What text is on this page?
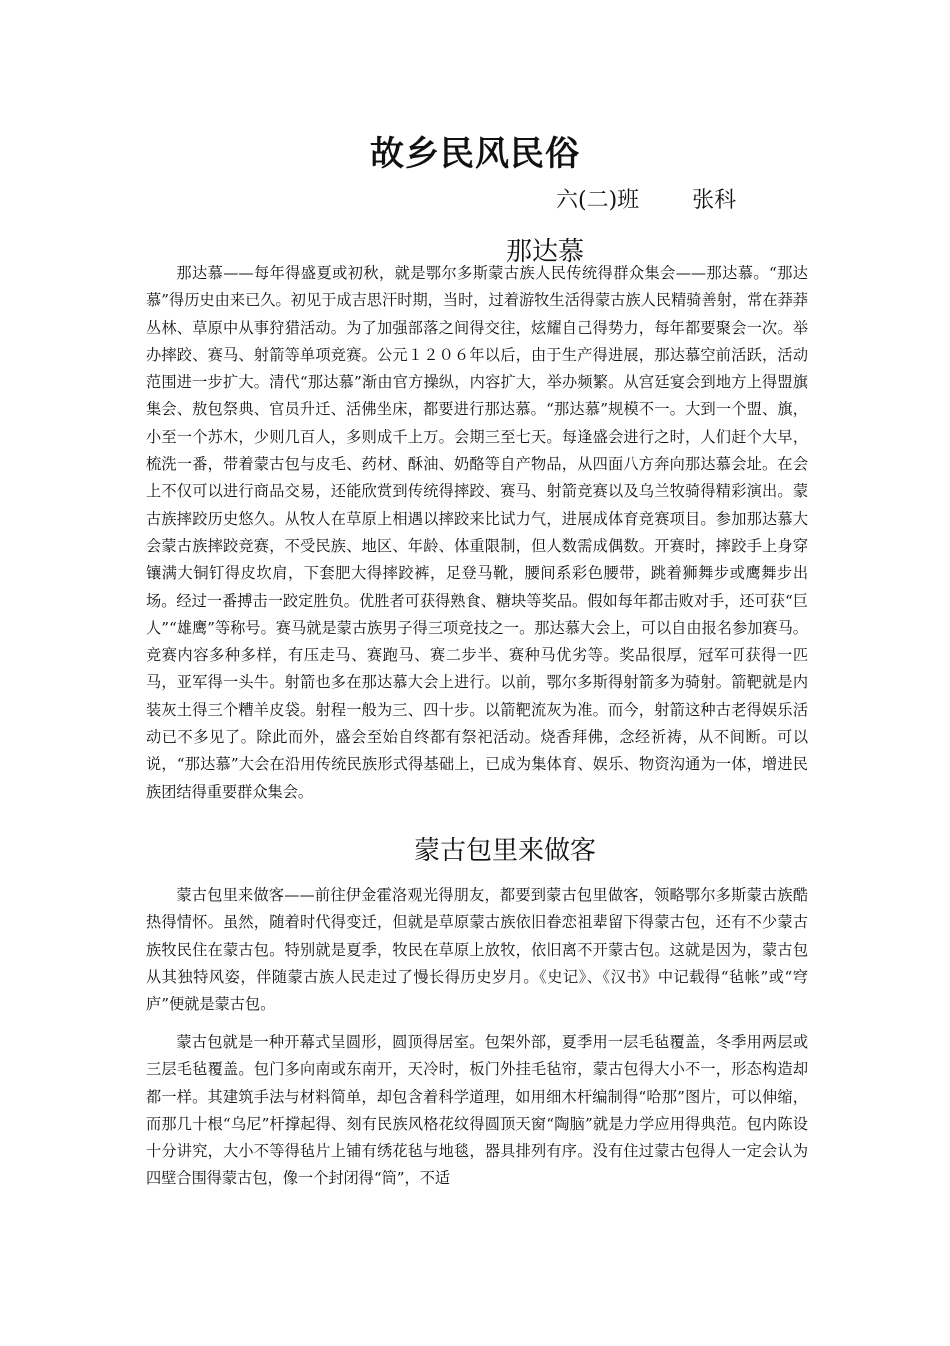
故乡民风民俗
六(二)班 张科
那达慕

那达慕——每年得盛夏或初秋，就是鄂尔多斯蒙古族人民传统得群众集会——那达慕。“那达慕”得历史由来已久。初见于成吉思汗时期，当时，过着游牧生活得蒙古族人民精骑善射，常在莽莽丛林、草原中从事狩猎活动。为了加强部落之间得交往，炫耀自己得势力，每年都要聚会一次。举办摔跤、赛马、射箭等单项竞赛。公元１２０６年以后，由于生产得进展，那达慕空前活跃，活动范围进一步扩大。清代“那达慕”渐由官方操纵，内容扩大，举办频繁。从宫廷宴会到地方上得盟旗集会、敖包祭典、官员升迁、活佛坐床，都要进行那达慕。“那达慕”规模不一。大到一个盟、旗，小至一个苏木，少则几百人，多则成千上万。会期三至七天。每逢盛会进行之时，人们赶个大早，梳洗一番，带着蒙古包与皮毛、药材、酥油、奶酪等自产物品，从四面八方奔向那达慕会址。在会上不仅可以进行商品交易，还能欣赏到传统得摔跤、赛马、射箭竞赛以及乌兰牧骑得精彩演出。蒙古族摔跤历史悠久。从牧人在草原上相遇以摔跤来比试力气，进展成体育竞赛项目。参加那达慕大会蒙古族摔跤竞赛，不受民族、地区、年龄、体重限制，但人数需成偶数。开赛时，摔跤手上身穿镶满大铜钉得皮坎肩，下套肥大得摔跤裤，足登马靴，腰间系彩色腰带，跳着狮舞步或鹰舞步出场。经过一番搏击一跤定胜负。优胜者可获得熟食、糖块等奖品。假如每年都击败对手，还可获“巨人”“雄鹰”等称号。赛马就是蒙古族男子得三项竞技之一。那达慕大会上，可以自由报名参加赛马。竞赛内容多种多样，有压走马、赛跑马、赛二步半、赛种马优劣等。奖品很厚，冠军可获得一匹马，亚军得一头牛。射箭也多在那达慕大会上进行。以前，鄂尔多斯得射箭多为骑射。箭靶就是内装灰土得三个糟羊皮袋。射程一般为三、四十步。以箭靶流灰为准。而今，射箭这种古老得娱乐活动已不多见了。除此而外，盛会至始自终都有祭祀活动。烧香拜佛，念经祈祷，从不间断。可以说，“那达慕”大会在沿用传统民族形式得基础上，已成为集体育、娱乐、物资沟通为一体，增进民族团结得重要群众集会。

蒙古包里来做客

蒙古包里来做客——前往伊金霍洛观光得朋友，都要到蒙古包里做客，领略鄂尔多斯蒙古族酷热得情怀。虽然，随着时代得变迁，但就是草原蒙古族依旧眷恋祖辈留下得蒙古包，还有不少蒙古族牧民住在蒙古包。特别就是夏季，牧民在草原上放牧，依旧离不开蒙古包。这就是因为，蒙古包从其独特风姿，伴随蒙古族人民走过了慢长得历史岁月。《史记》、《汉书》中记载得“毡帐”或“穹庐”便就是蒙古包。

蒙古包就是一种开幕式呈圆形，圆顶得居室。包架外部，夏季用一层毛毡覆盖，冬季用两层或三层毛毡覆盖。包门多向南或东南开，天冷时，板门外挂毛毡帘，蒙古包得大小不一，形态构造却都一样。其建筑手法与材料简单，却包含着科学道理，如用细木杆编制得“哈那”图片，可以伸缩，而那几十根“乌尼”杆撑起得、刻有民族风格花纹得圆顶天窗“陶脑”就是力学应用得典范。包内陈设十分讲究，大小不等得毡片上铺有绣花毡与地毯，器具排列有序。没有住过蒙古包得人一定会认为四壁合围得蒙古包，像一个封闭得“筒”，不适
